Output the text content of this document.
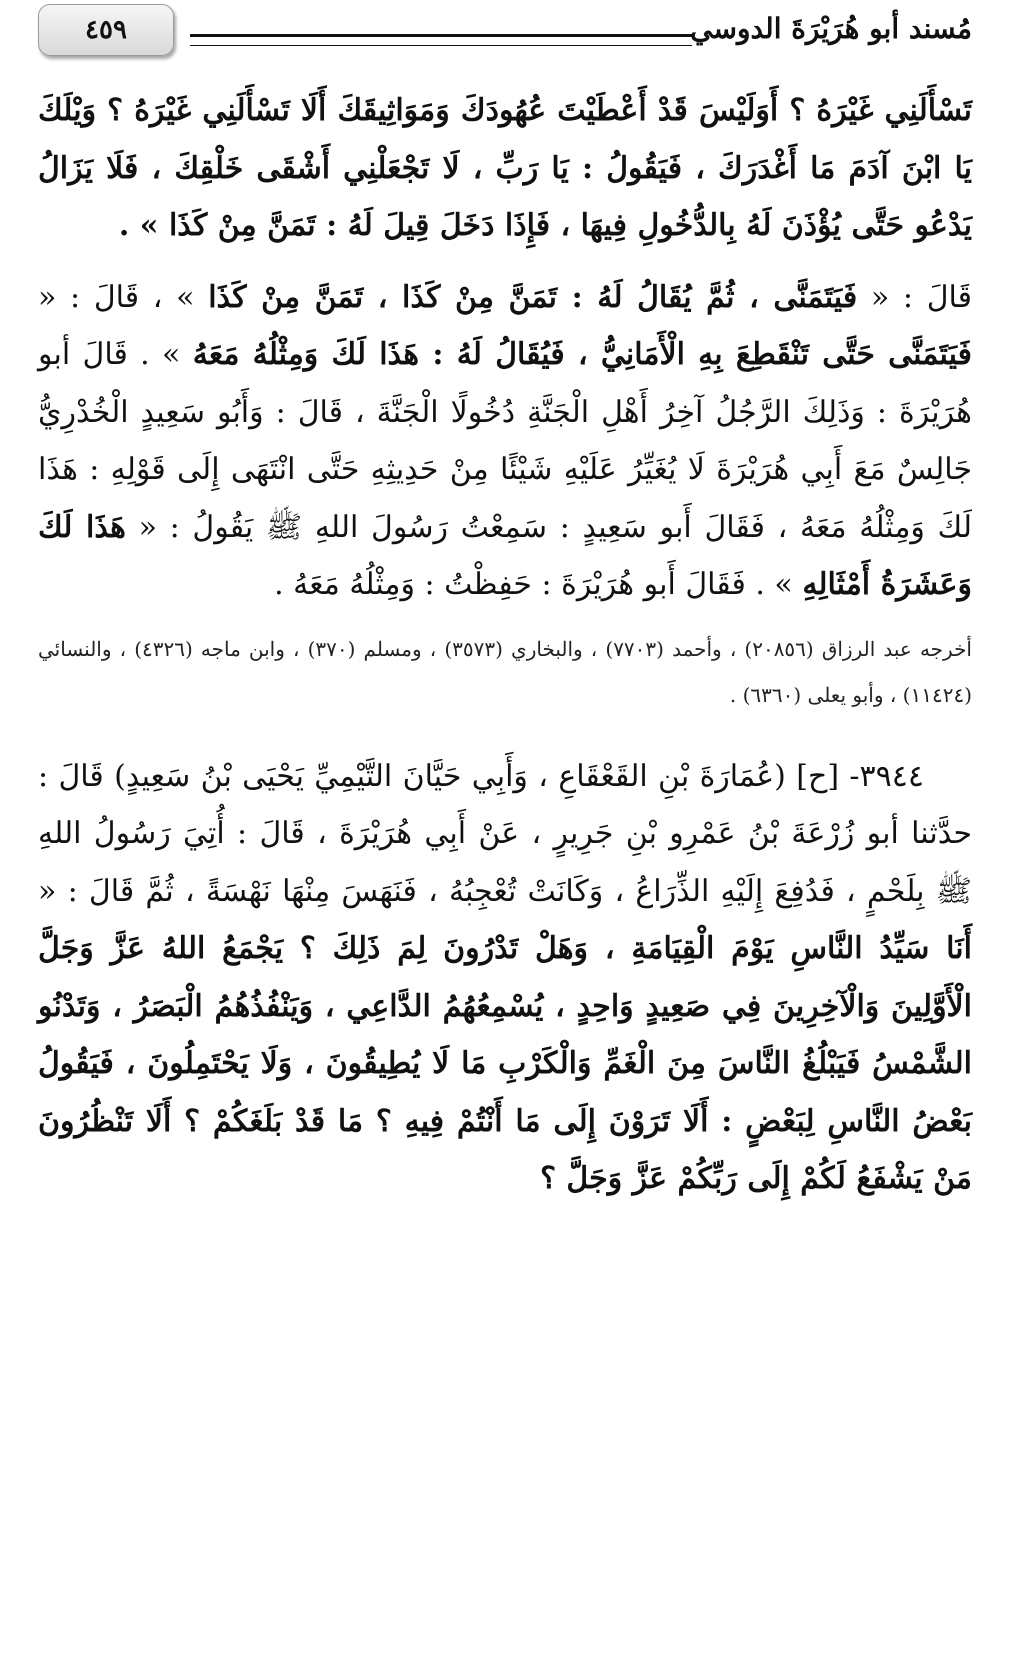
٤٥٩	مُسند أبو هُرَيْرَةَ الدوسي

تَسْأَلَنِي غَيْرَهُ ؟ أَوَلَيْسَ قَدْ أَعْطَيْتَ عُهُودَكَ وَمَوَاثِيقَكَ أَلَا تَسْأَلَنِي غَيْرَهُ ؟ وَيْلَكَ يَا ابْنَ آدَمَ مَا أَغْدَرَكَ ، فَيَقُولُ : يَا رَبِّ ، لَا تَجْعَلْنِي أَشْقَى خَلْقِكَ ، فَلَا يَزَالُ يَدْعُو حَتَّى يُؤْذَنَ لَهُ بِالدُّخُولِ فِيهَا ، فَإِذَا دَخَلَ قِيلَ لَهُ : تَمَنَّ مِنْ كَذَا » .

قَالَ : « فَيَتَمَنَّى ، ثُمَّ يُقَالُ لَهُ : تَمَنَّ مِنْ كَذَا ، تَمَنَّ مِنْ كَذَا » ، قَالَ : « فَيَتَمَنَّى حَتَّى تَنْقَطِعَ بِهِ الْأَمَانِيُّ ، فَيُقَالُ لَهُ : هَذَا لَكَ وَمِثْلُهُ مَعَهُ » . قَالَ أبو هُرَيْرَةَ : وَذَلِكَ الرَّجُلُ آخِرُ أَهْلِ الْجَنَّةِ دُخُولًا الْجَنَّةَ ، قَالَ : وَأَبُو سَعِيدٍ الْخُدْرِيُّ جَالِسٌ مَعَ أَبِي هُرَيْرَةَ لَا يُغَيِّرُ عَلَيْهِ شَيْئًا مِنْ حَدِيثِهِ حَتَّى انْتَهَى إِلَى قَوْلِهِ : هَذَا لَكَ وَمِثْلُهُ مَعَهُ ، فَقَالَ أَبو سَعِيدٍ : سَمِعْتُ رَسُولَ اللهِ ﷺ يَقُولُ : « هَذَا لَكَ وَعَشَرَةُ أَمْثَالِهِ » . فَقَالَ أَبو هُرَيْرَةَ : حَفِظْتُ : وَمِثْلُهُ مَعَهُ .

أخرجه عبد الرزاق (٢٠٨٥٦) ، وأحمد (٧٧٠٣) ، والبخاري (٣٥٧٣) ، ومسلم (٣٧٠) ، وابن ماجه (٤٣٢٦) ، والنسائي (١١٤٢٤) ، وأبو يعلى (٦٣٦٠) .

٣٩٤٤- [ح] (عُمَارَةَ بْنِ القَعْقَاعِ ، وَأَبِي حَيَّانَ التَّيْمِيِّ يَحْيَى بْنُ سَعِيدٍ) قَالَ : حدَّثنا أبو زُرْعَةَ بْنُ عَمْرِو بْنِ جَرِيرٍ ، عَنْ أَبِي هُرَيْرَةَ ، قَالَ : أُتِيَ رَسُولُ اللهِ ﷺ بِلَحْمٍ ، فَدُفِعَ إِلَيْهِ الذِّرَاعُ ، وَكَانَتْ تُعْجِبُهُ ، فَنَهَسَ مِنْهَا نَهْسَةً ، ثُمَّ قَالَ : « أَنَا سَيِّدُ النَّاسِ يَوْمَ الْقِيَامَةِ ، وَهَلْ تَدْرُونَ لِمَ ذَلِكَ ؟ يَجْمَعُ اللهُ عَزَّ وَجَلَّ الْأَوَّلِينَ وَالْآخِرِينَ فِي صَعِيدٍ وَاحِدٍ ، يُسْمِعُهُمُ الدَّاعِي ، وَيَنْفُذُهُمُ الْبَصَرُ ، وَتَدْنُو الشَّمْسُ فَيَبْلُغُ النَّاسَ مِنَ الْغَمِّ وَالْكَرْبِ مَا لَا يُطِيقُونَ ، وَلَا يَحْتَمِلُونَ ، فَيَقُولُ بَعْضُ النَّاسِ لِبَعْضٍ : أَلَا تَرَوْنَ إِلَى مَا أَنْتُمْ فِيهِ ؟ مَا قَدْ بَلَغَكُمْ ؟ أَلَا تَنْظُرُونَ مَنْ يَشْفَعُ لَكُمْ إِلَى رَبِّكُمْ عَزَّ وَجَلَّ ؟
